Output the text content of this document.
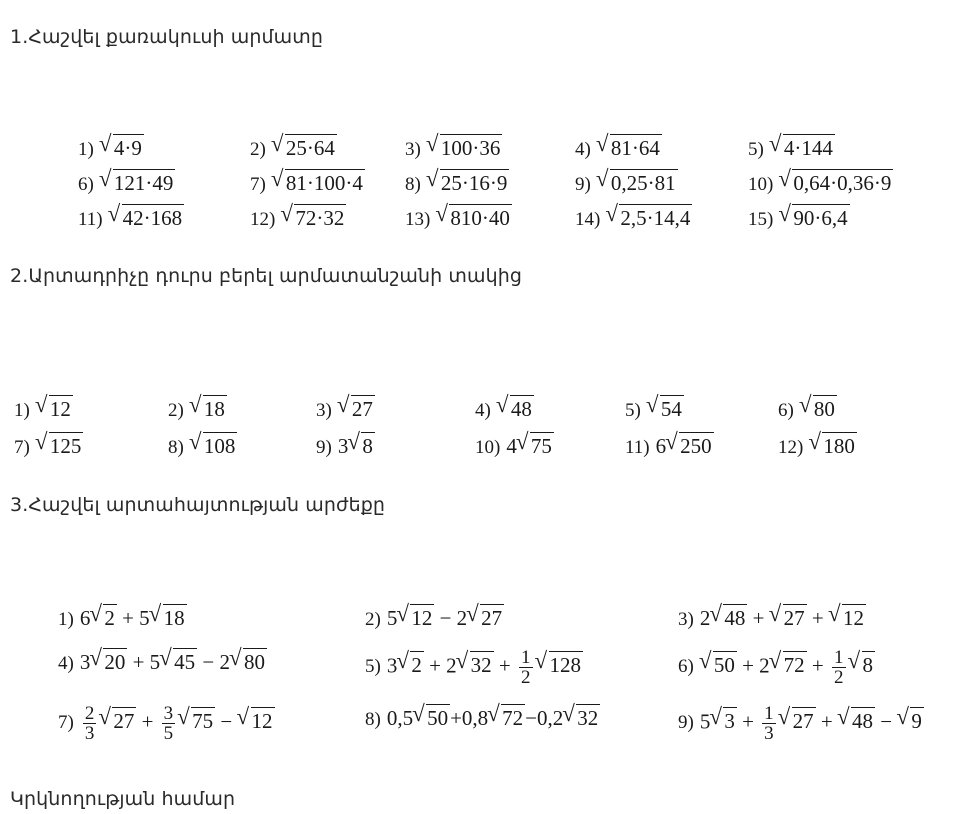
1.Հաշվել քառակուսի արմատը
1) √ 4·9	2) √ 25·64	3) √ 100·36	4) √ 81·64	5) √ 4·144
6) √ 121·49	7) √ 81·100·4 8) √ 25·16·9	9) √ 0,25·81	10) √ 0,64·0,36·9
11) √ 42·168	12) √ 72·32	13) √ 810·40	14) √ 2,5·14,4	15) √ 90·6,4
2.Արտադրիչը դուրս բերել արմատանշանի տակից
1) √ 12	2) √ 18	3) √ 27	4) √ 48	5) √ 54	6) √ 80
7) √ 125	8) √ 108	9) 3 √ 8	10) 4 √ 75	11) 6 √ 250	12) √ 180
3.Հաշվել արտահայտության արժեքը
1) 6 √ 2 + 5 √ 18	2) 5 √ 12 − 2 √ 27	3) 2 √ 48 + √ 27 + √ 12
4) 3 √ 20 + 5 √ 45 − 2 √ 80	5) 3 √ 2 + 2 √ $32 + \frac{1}{2}$ √ 128	6) √ 50 + 2 √ $72 + \frac{1}{2}$ √ 8
$7) \frac{2}{3}$ √ $27 + \frac{3}{5}$ √ 75 − √ 12	8) 0,5 √ 50+0,8 √ 72−0,2 √ 32	9) 5 √ $3 + \frac{1}{3}$ √ 27 + √ 48 − √ 9
Կրկնողության համար
